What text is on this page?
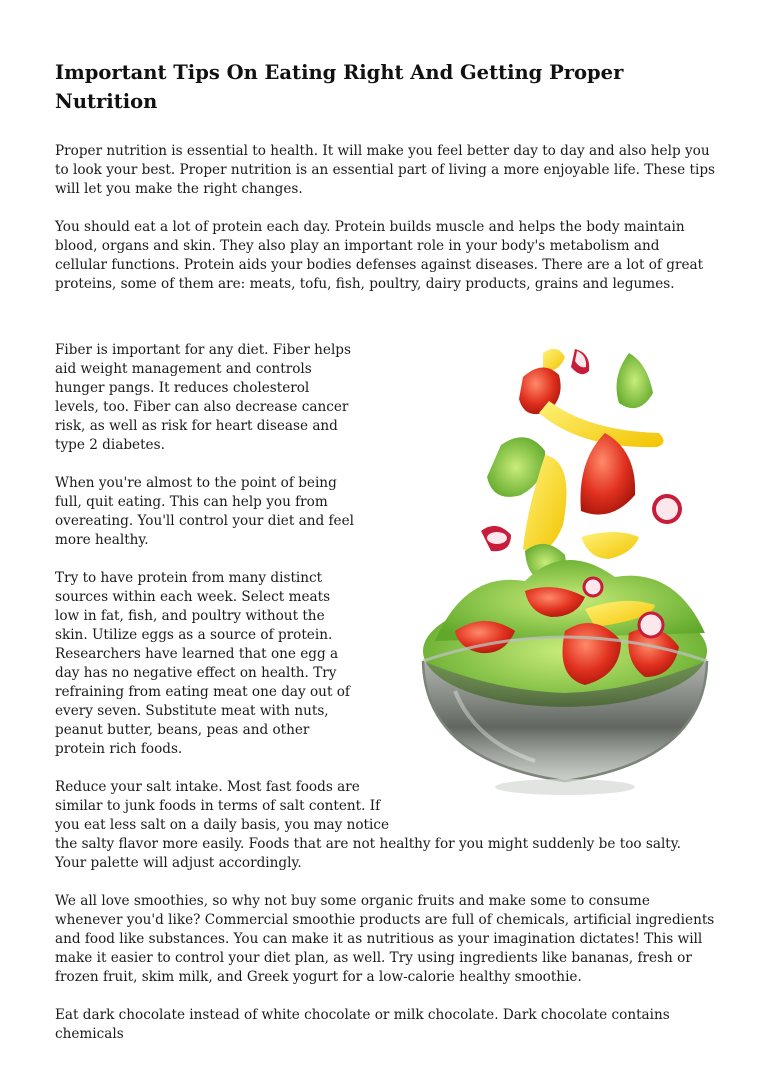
Important Tips On Eating Right And Getting Proper Nutrition

Proper nutrition is essential to health. It will make you feel better day to day and also help you to look your best. Proper nutrition is an essential part of living a more enjoyable life. These tips will let you make the right changes.

You should eat a lot of protein each day. Protein builds muscle and helps the body maintain blood, organs and skin. They also play an important role in your body's metabolism and cellular functions. Protein aids your bodies defenses against diseases. There are a lot of great proteins, some of them are: meats, tofu, fish, poultry, dairy products, grains and legumes.

Fiber is important for any diet. Fiber helps aid weight management and controls hunger pangs. It reduces cholesterol levels, too. Fiber can also decrease cancer risk, as well as risk for heart disease and type 2 diabetes.

When you're almost to the point of being full, quit eating. This can help you from overeating. You'll control your diet and feel more healthy.

Try to have protein from many distinct sources within each week. Select meats low in fat, fish, and poultry without the skin. Utilize eggs as a source of protein. Researchers have learned that one egg a day has no negative effect on health. Try refraining from eating meat one day out of every seven. Substitute meat with nuts, peanut butter, beans, peas and other protein rich foods.

Reduce your salt intake. Most fast foods are similar to junk foods in terms of salt content. If you eat less salt on a daily basis, you may notice the salty flavor more easily. Foods that are not healthy for you might suddenly be too salty. Your palette will adjust accordingly.

We all love smoothies, so why not buy some organic fruits and make some to consume whenever you'd like? Commercial smoothie products are full of chemicals, artificial ingredients and food like substances. You can make it as nutritious as your imagination dictates! This will make it easier to control your diet plan, as well. Try using ingredients like bananas, fresh or frozen fruit, skim milk, and Greek yogurt for a low-calorie healthy smoothie.

Eat dark chocolate instead of white chocolate or milk chocolate. Dark chocolate contains chemicals
